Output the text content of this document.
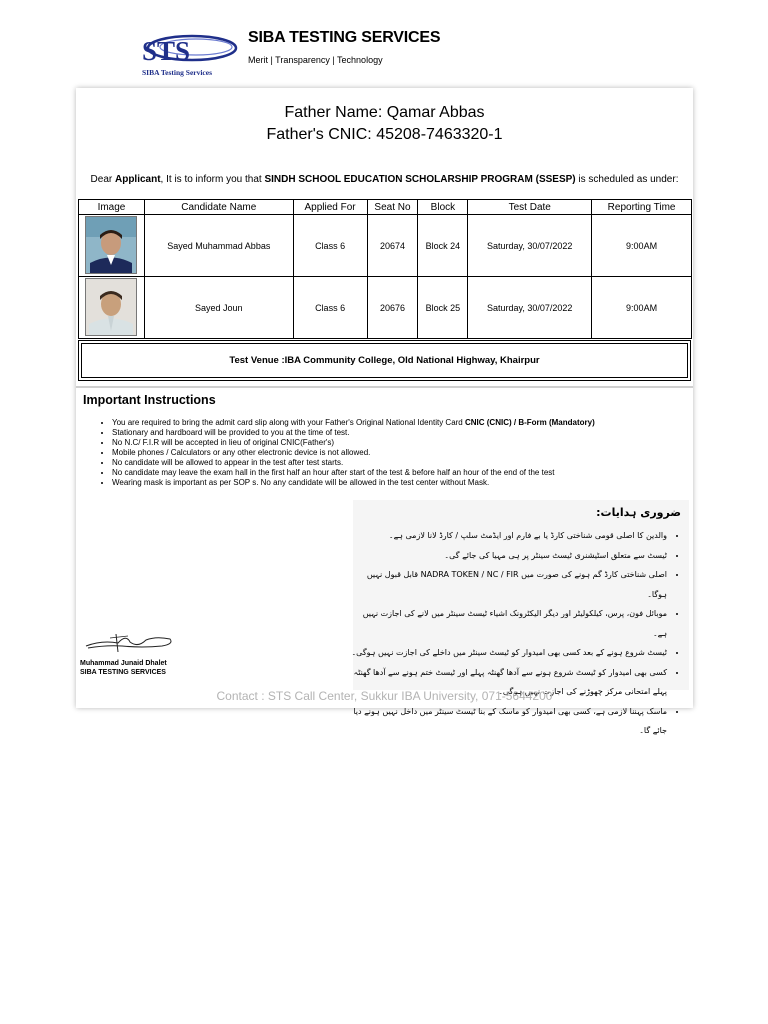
STS
SIBA Testing Services
SIBA TESTING SERVICES
Merit | Transparency | Technology
Father Name: Qamar Abbas
Father's CNIC: 45208-7463320-1
Dear Applicant, It is to inform you that SINDH SCHOOL EDUCATION SCHOLARSHIP PROGRAM (SSESP) is scheduled as under:
Image	Candidate Name	Applied For	Seat No	Block	Test Date	Reporting Time
	Sayed Muhammad Abbas	Class 6	20674	Block 24	Saturday, 30/07/2022	9:00AM
	Sayed Joun	Class 6	20676	Block 25	Saturday, 30/07/2022	9:00AM
Test Venue :IBA Community College, Old National Highway, Khairpur
Important Instructions
• You are required to bring the admit card slip along with your Father's Original National Identity Card CNIC (CNIC) / B-Form (Mandatory)
• Stationary and hardboard will be provided to you at the time of test.
• No N.C/ F.I.R will be accepted in lieu of original CNIC(Father's)
• Mobile phones / Calculators or any other electronic device is not allowed.
• No candidate will be allowed to appear in the test after test starts.
• No candidate may leave the exam hall in the first half an hour after start of the test & before half an hour of the end of the test
• Wearing mask is important as per SOP s. No any candidate will be allowed in the test center without Mask.
ضروری ہدایات:
• والدین کا اصلی قومی شناختی کارڈ یا بے فارم اور ایڈمٹ سلپ / کارڈ لانا لازمی ہے۔
• ٹیسٹ سے متعلق اسٹیشنری ٹیسٹ سینٹر پر ہی مہیا کی جائے گی۔
• اصلی شناختی کارڈ گم ہونے کی صورت میں NADRA TOKEN / NC / FIR قابل قبول نہیں ہوگا۔
• موبائل فون، پرس، کیلکولیٹر اور دیگر الیکٹرونک اشیاء ٹیسٹ سینٹر میں لانے کی اجازت نہیں ہے۔
• ٹیسٹ شروع ہونے کے بعد کسی بھی امیدوار کو ٹیسٹ سینٹر میں داخلے کی اجازت نہیں ہوگی۔
• کسی بھی امیدوار کو ٹیسٹ شروع ہونے سے آدھا گھنٹہ پہلے اور ٹیسٹ ختم ہونے سے آدھا گھنٹہ پہلے امتحانی مرکز چھوڑنے کی اجازت نہیں ہوگی۔
• ماسک پہننا لازمی ہے، کسی بھی امیدوار کو ماسک کے بنا ٹیسٹ سینٹر میں داخل نہیں ہونے دیا جائے گا۔
Muhammad Junaid Dhalet
SIBA TESTING SERVICES
Contact : STS Call Center, Sukkur IBA University, 071-5644200
